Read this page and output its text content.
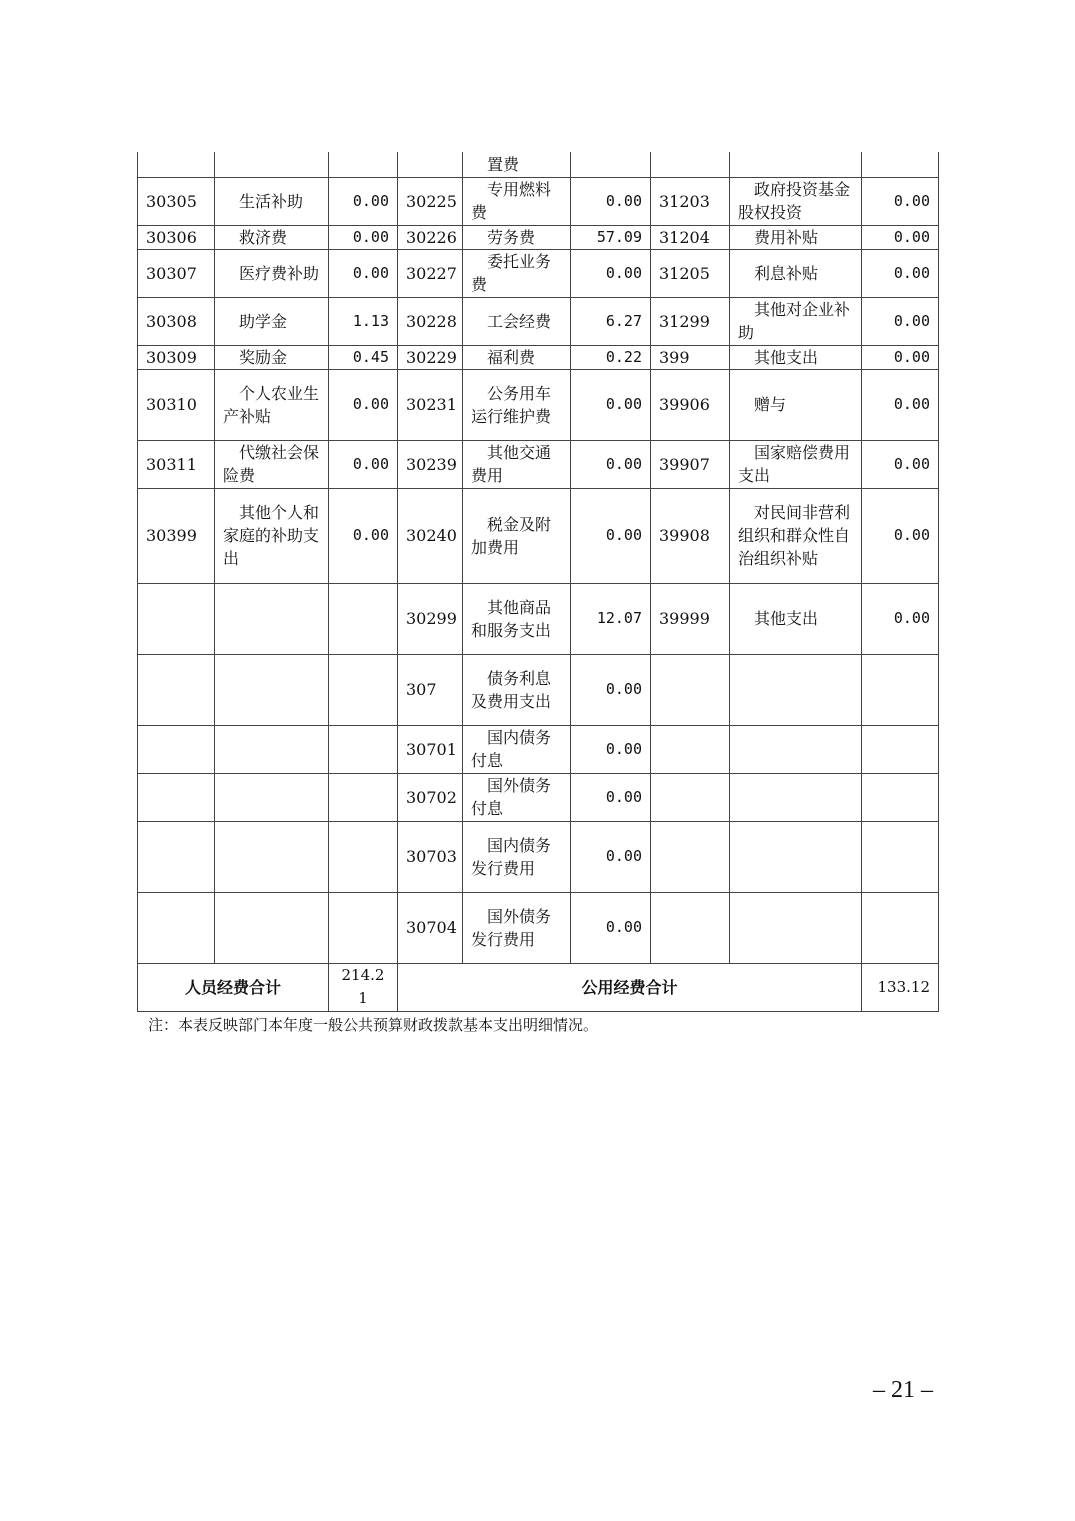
				置费				
30305	生活补助	0.00	30225	专用燃料费	0.00	31203	政府投资基金股权投资	0.00
30306	救济费	0.00	30226	劳务费	57.09	31204	费用补贴	0.00
30307	医疗费补助	0.00	30227	委托业务费	0.00	31205	利息补贴	0.00
30308	助学金	1.13	30228	工会经费	6.27	31299	其他对企业补助	0.00
30309	奖励金	0.45	30229	福利费	0.22	399	其他支出	0.00
30310	个人农业生产补贴	0.00	30231	公务用车运行维护费	0.00	39906	赠与	0.00
30311	代缴社会保险费	0.00	30239	其他交通费用	0.00	39907	国家赔偿费用支出	0.00
30399	其他个人和家庭的补助支出	0.00	30240	税金及附加费用	0.00	39908	对民间非营利组织和群众性自治组织补贴	0.00
			30299	其他商品和服务支出	12.07	39999	其他支出	0.00
			307	债务利息及费用支出	0.00			
			30701	国内债务付息	0.00			
			30702	国外债务付息	0.00			
			30703	国内债务发行费用	0.00			
			30704	国外债务发行费用	0.00			
人员经费合计		214.21	公用经费合计					133.12
注：本表反映部门本年度一般公共预算财政拨款基本支出明细情况。
– 21 –
